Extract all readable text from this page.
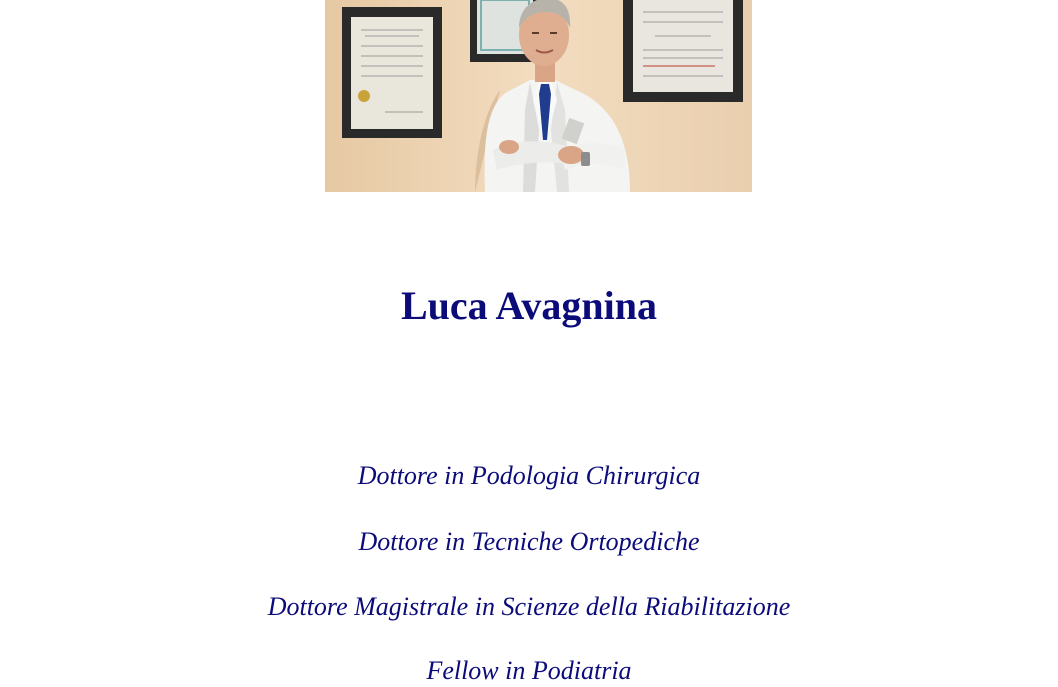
Luca Avagnina

Dottore in Podologia Chirurgica

Dottore in Tecniche Ortopediche

Dottore Magistrale in Scienze della Riabilitazione

Fellow in Podiatria
